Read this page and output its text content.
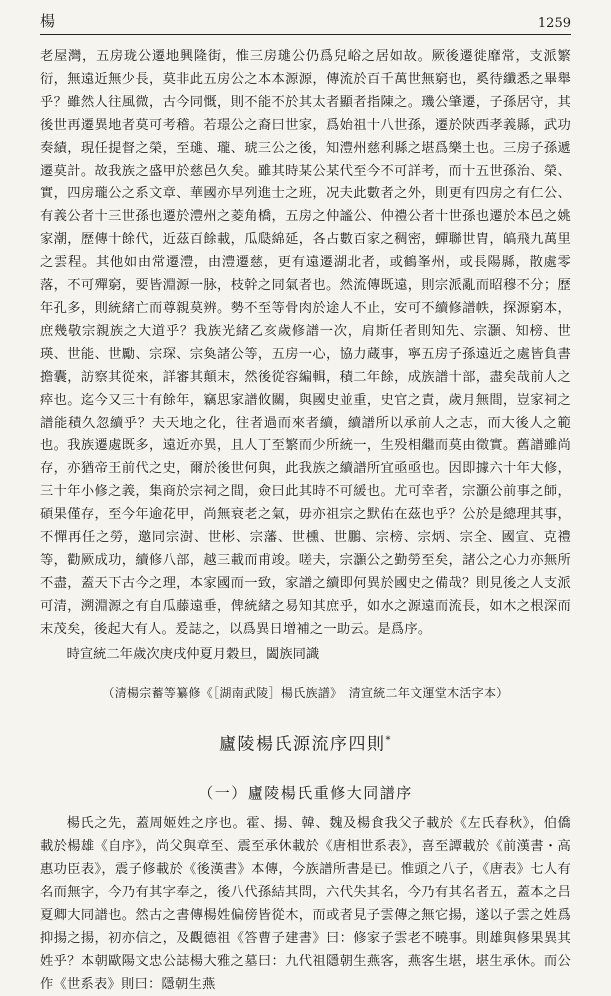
楊	1259

老屋灣，五房珑公遷地興隆街，惟三房璡公仍爲兒峪之居如故。厥後遷徙靡常，支派繁衍，無遠近無少長，莫非此五房公之本本源源，傳流於百千萬世無窮也，奚待纖悉之畢舉乎？雖然人往風微，古今同慨，則不能不於其太者顯者指陳之。璣公肇遷，子孫居守，其後世再遷異地者莫可考稽。若璟公之裔曰世家，爲始祖十八世孫，遷於陝西孝義縣，武功奏績，現任提督之榮，至璡、瓏、琥三公之後，知澧州慈利縣之堪爲樂土也。三房子孫遞遷莫計。故我族之盛甲於慈邑久矣。雖其時某公某代至今不可詳考，而十五世孫治、榮、實，四房瓏公之系文章、華國亦早列進士之班，况夫此數者之外，則更有四房之有仁公、有義公者十三世孫也遷於澧州之菱角橋，五房之仲謐公、仲禮公者十世孫也遷於本邑之姚家潮，歷傳十餘代，近茲百餘載，瓜瓞綿延，各占數百家之稠密，蟬聯世胄，皜飛九萬里之雲程。其他如由常遷澧，由澧遷慈，更有遠遷湖北者，或鶴峯州，或長陽縣，散處零落，不可殫窮，要皆淵源一脉，枝幹之同氣者也。然流傳既遠，則宗派亂而昭穆不分；歷年孔多，則統緒亡而尊親莫辨。勢不至等骨肉於途人不止，安可不續修譜帙，探源窮本，庶幾敬宗親族之大道乎？我族光緒乙亥歲修譜一次，肩斯任者則知先、宗灝、知榜、世瑛、世能、世勵、宗琛、宗奐諸公等，五房一心，協力蔵事，寧五房子孫遠近之處皆負書擔囊，訪察其從來，詳審其顛末，然後從容編輯，積二年餘，成族譜十部，盡矣哉前人之瘁也。迄今又三十有餘年，竊思家譜攸關，與國史並重，史官之責，歲月無間，豈家祠之譜能積久忽續乎？夫天地之化，往者過而來者續，續譜所以承前人之志，而大後人之範也。我族遷處既多，遠近亦異，且人丁至繁而少所統一，生殁相繼而莫由徵實。舊譜雖尚存，亦猶帝王前代之史，爾於後世何與，此我族之續譜所宜亟亟也。因即據六十年大修，三十年小修之義，集商於宗祠之間，僉曰此其時不可緩也。尤可幸者，宗灝公前事之師，碩果僅存，至今年逾花甲，尚無衰老之氣，毋亦祖宗之默佑在茲也乎？公於是總理其事，不憚再任之勞，邀同宗澍、世彬、宗藩、世櫄、世鵬、宗榜、宗炳、宗全、國宣、克禮等，勸厥成功，續修八部，越三載而甫竣。嗟夫，宗灝公之勤勞至矣，諸公之心力亦無所不盡，蓋天下古今之理，本家國而一致，家譜之續即何異於國史之備哉？則見後之人支派可清，溯淵源之有自瓜藤遠垂，俾統緒之易知其庶乎，如水之源遠而流長，如木之根深而末茂矣，後起大有人。爰誌之，以爲異日增補之一助云。是爲序。

時宣統二年歲次庚戌仲夏月穀旦，闔族同識

（清楊宗蓄等纂修《［湖南武陵］楊氏族譜》　清宣統二年文運堂木活字本）

廬陵楊氏源流序四則*
（一）廬陵楊氏重修大同譜序

楊氏之先，蓋周姬姓之序也。霍、揚、韓、魏及楊食我父子載於《左氏春秋》，伯僑載於楊雄《自序》，尚父與章至、震至承休載於《唐相世系表》，喜至譚載於《前漢書・高惠功臣表》，震子修載於《後漢書》本傳，今族譜所書是已。惟頭之八子，《唐表》七人有名而無字，今乃有其字奉之，後八代孫結其問，六代失其名，今乃有其名者五，蓋本之吕夏卿大同譜也。然古之書傳楊姓偏傍皆從木，而或者見子雲傳之無它揚，遂以子雲之姓爲抑揚之揚，初亦信之，及觀德祖《答曹子建書》曰：修家子雲老不曉事。則雄與修果異其姓乎？本朝歐陽文忠公誌楊大雅之墓曰：九代祖隱朝生燕客，燕客生堪，堪生承休。而公作《世系表》則曰：隱朝生燕
